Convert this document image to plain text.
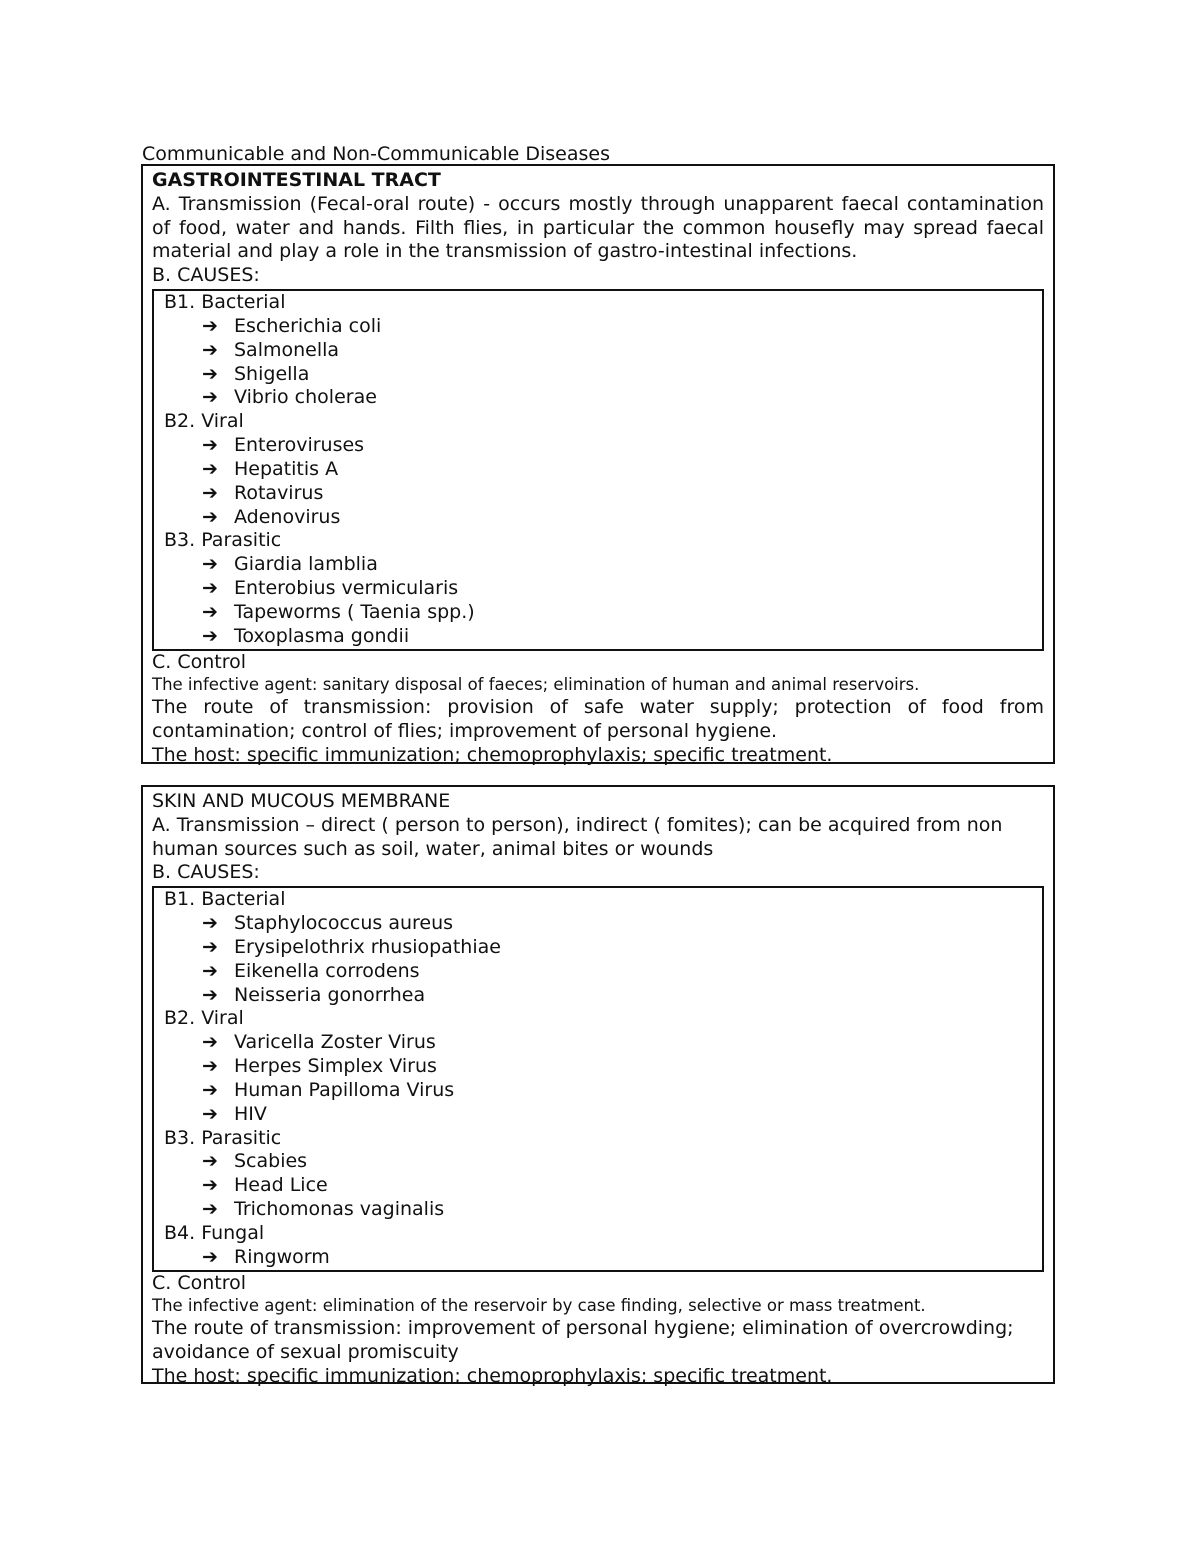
Communicable and Non-Communicable Diseases

GASTROINTESTINAL TRACT

A. Transmission (Fecal-oral route) - occurs mostly through unapparent faecal contamination of food, water and hands. Filth flies, in particular the common housefly may spread faecal material and play a role in the transmission of gastro-intestinal infections.

B. CAUSES:

B1. Bacterial

➔ Escherichia coli
➔ Salmonella
➔ Shigella
➔ Vibrio cholerae

B2. Viral

➔ Enteroviruses
➔ Hepatitis A
➔ Rotavirus
➔ Adenovirus

B3. Parasitic

➔ Giardia lamblia
➔ Enterobius vermicularis
➔ Tapeworms ( Taenia spp.)
➔ Toxoplasma gondii

C. Control

The infective agent: sanitary disposal of faeces; elimination of human and animal reservoirs.

The route of transmission: provision of safe water supply; protection of food from contamination; control of flies; improvement of personal hygiene.

The host: specific immunization; chemoprophylaxis; specific treatment.

SKIN AND MUCOUS MEMBRANE

A. Transmission – direct ( person to person), indirect ( fomites); can be acquired from non human sources such as soil, water, animal bites or wounds

B. CAUSES:

B1. Bacterial

➔ Staphylococcus aureus
➔ Erysipelothrix rhusiopathiae
➔ Eikenella corrodens
➔ Neisseria gonorrhea

B2. Viral

➔ Varicella Zoster Virus
➔ Herpes Simplex Virus
➔ Human Papilloma Virus
➔ HIV

B3. Parasitic

➔ Scabies
➔ Head Lice
➔ Trichomonas vaginalis

B4. Fungal

➔ Ringworm

C. Control

The infective agent: elimination of the reservoir by case finding, selective or mass treatment.

The route of transmission: improvement of personal hygiene; elimination of overcrowding; avoidance of sexual promiscuity

The host: specific immunization; chemoprophylaxis; specific treatment.
